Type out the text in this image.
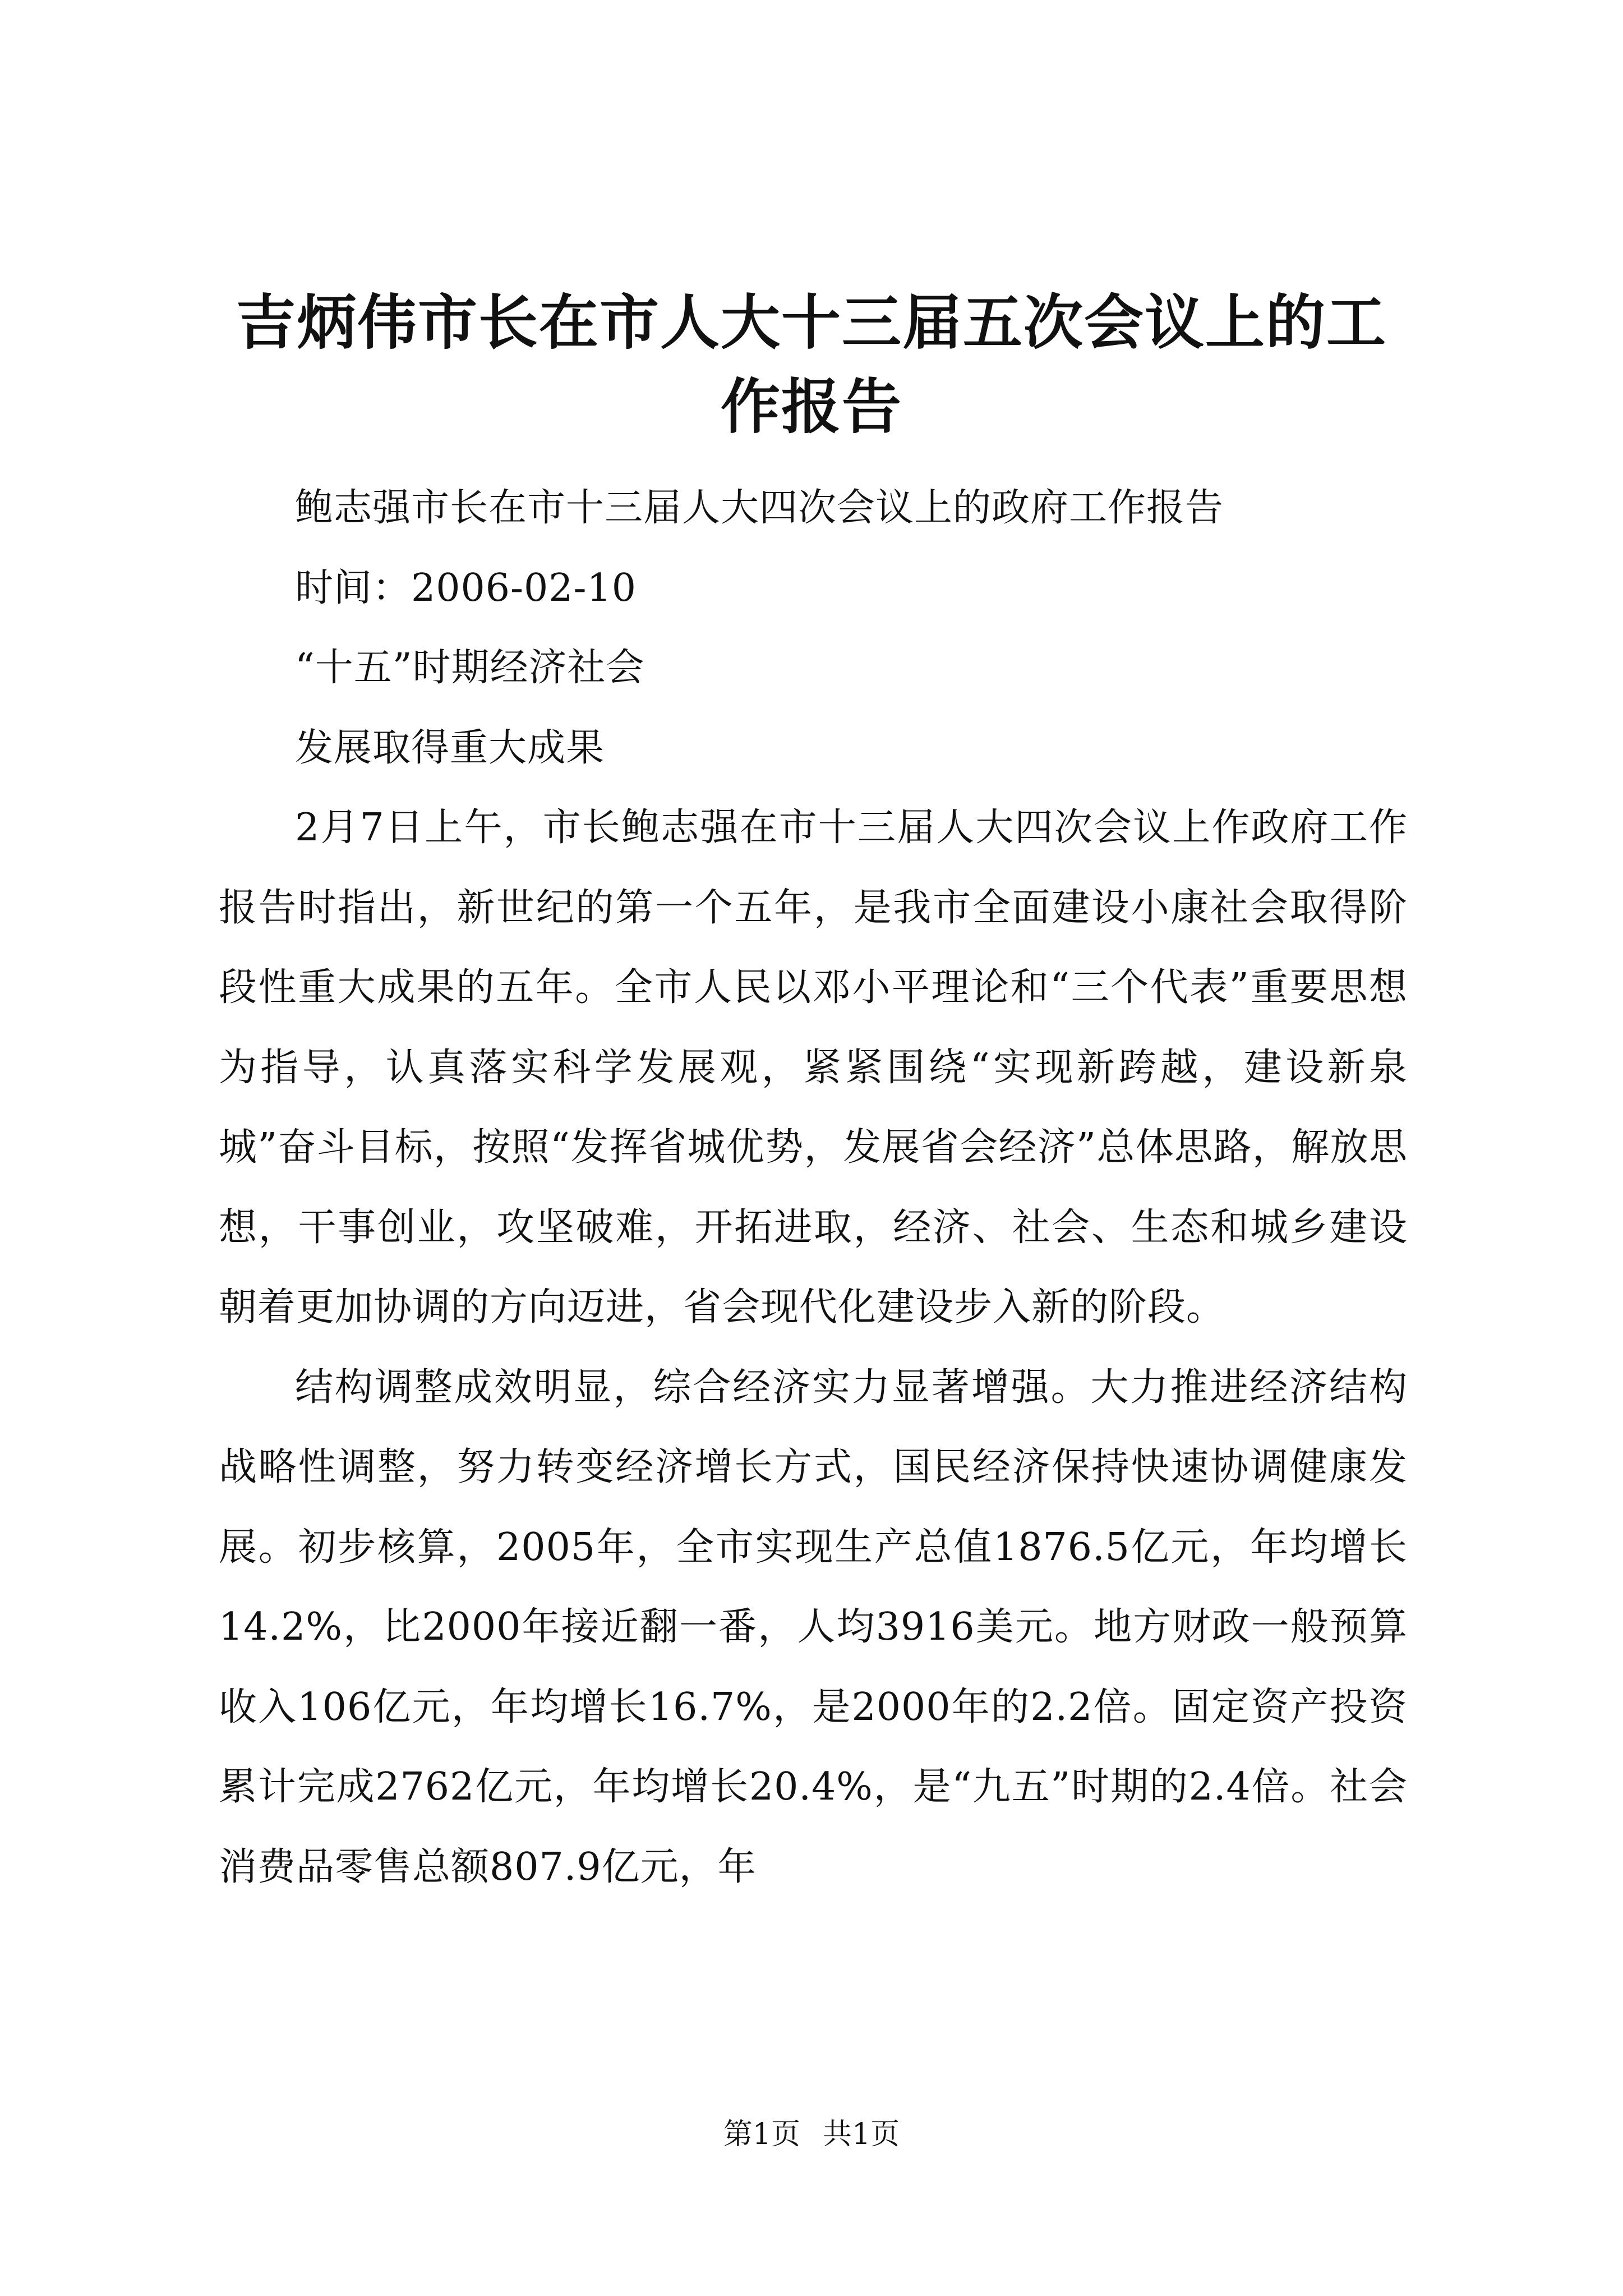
吉炳伟市长在市人大十三届五次会议上的工作报告

鲍志强市长在市十三届人大四次会议上的政府工作报告

时间：2006-02-10

“十五”时期经济社会

发展取得重大成果

2月7日上午，市长鲍志强在市十三届人大四次会议上作政府工作报告时指出，新世纪的第一个五年，是我市全面建设小康社会取得阶段性重大成果的五年。全市人民以邓小平理论和“三个代表”重要思想为指导，认真落实科学发展观，紧紧围绕“实现新跨越，建设新泉城”奋斗目标，按照“发挥省城优势，发展省会经济”总体思路，解放思想，干事创业，攻坚破难，开拓进取，经济、社会、生态和城乡建设朝着更加协调的方向迈进，省会现代化建设步入新的阶段。

结构调整成效明显，综合经济实力显著增强。大力推进经济结构战略性调整，努力转变经济增长方式，国民经济保持快速协调健康发展。初步核算，2005年，全市实现生产总值1876.5亿元，年均增长14.2%，比2000年接近翻一番，人均3916美元。地方财政一般预算收入106亿元，年均增长16.7%，是2000年的2.2倍。固定资产投资累计完成2762亿元，年均增长20.4%，是“九五”时期的2.4倍。社会消费品零售总额807.9亿元，年

第1页 共1页
